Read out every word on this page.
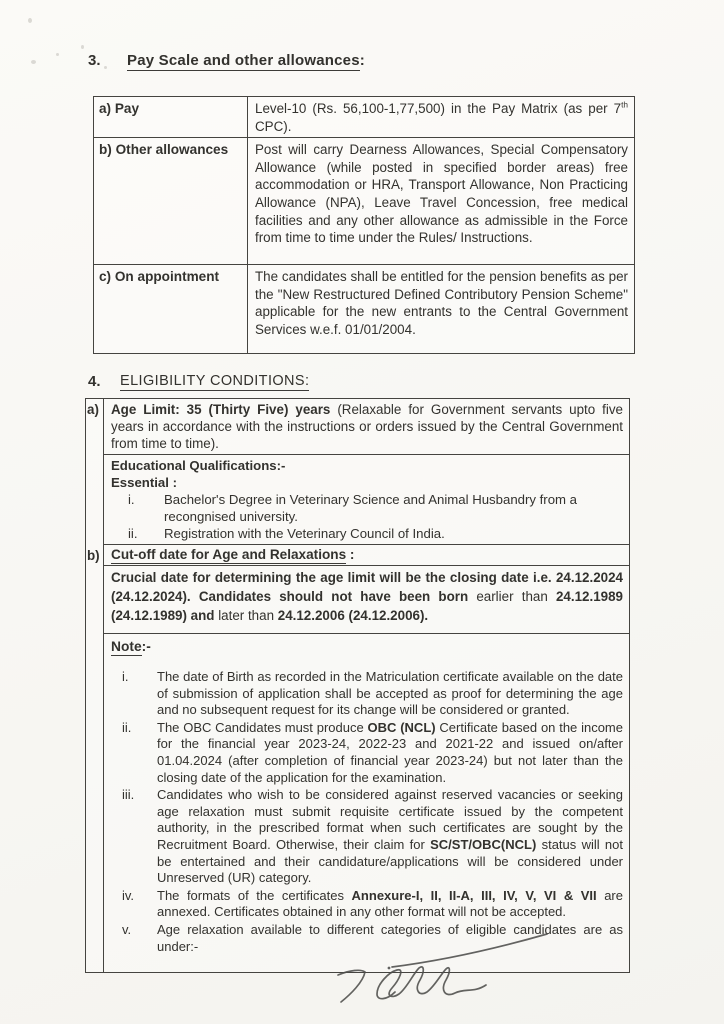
3.	Pay Scale and other allowances:
a) Pay	Level-10 (Rs. 56,100-1,77,500) in the Pay Matrix (as per 7th CPC).
b) Other allowances	Post will carry Dearness Allowances, Special Compensatory Allowance (while posted in specified border areas) free accommodation or HRA, Transport Allowance, Non Practicing Allowance (NPA), Leave Travel Concession, free medical facilities and any other allowance as admissible in the Force from time to time under the Rules/ Instructions.
c) On appointment	The candidates shall be entitled for the pension benefits as per the "New Restructured Defined Contributory Pension Scheme" applicable for the new entrants to the Central Government Services w.e.f. 01/01/2004.
4.	ELIGIBILITY CONDITIONS:
a) Age Limit: 35 (Thirty Five) years (Relaxable for Government servants upto five years in accordance with the instructions or orders issued by the Central Government from time to time).
Educational Qualifications:-
Essential :
i.	Bachelor's Degree in Veterinary Science and Animal Husbandry from a recongnised university.
ii.	Registration with the Veterinary Council of India.
b) Cut-off date for Age and Relaxations :
Crucial date for determining the age limit will be the closing date i.e. 24.12.2024 (24.12.2024). Candidates should not have been born earlier than 24.12.1989 (24.12.1989) and later than 24.12.2006 (24.12.2006).
Note:-
i.	The date of Birth as recorded in the Matriculation certificate available on the date of submission of application shall be accepted as proof for determining the age and no subsequent request for its change will be considered or granted.
ii.	The OBC Candidates must produce OBC (NCL) Certificate based on the income for the financial year 2023-24, 2022-23 and 2021-22 and issued on/after 01.04.2024 (after completion of financial year 2023-24) but not later than the closing date of the application for the examination.
iii.	Candidates who wish to be considered against reserved vacancies or seeking age relaxation must submit requisite certificate issued by the competent authority, in the prescribed format when such certificates are sought by the Recruitment Board. Otherwise, their claim for SC/ST/OBC(NCL) status will not be entertained and their candidature/applications will be considered under Unreserved (UR) category.
iv.	The formats of the certificates Annexure-I, II, II-A, III, IV, V, VI & VII are annexed. Certificates obtained in any other format will not be accepted.
v.	Age relaxation available to different categories of eligible candidates are as under:-
